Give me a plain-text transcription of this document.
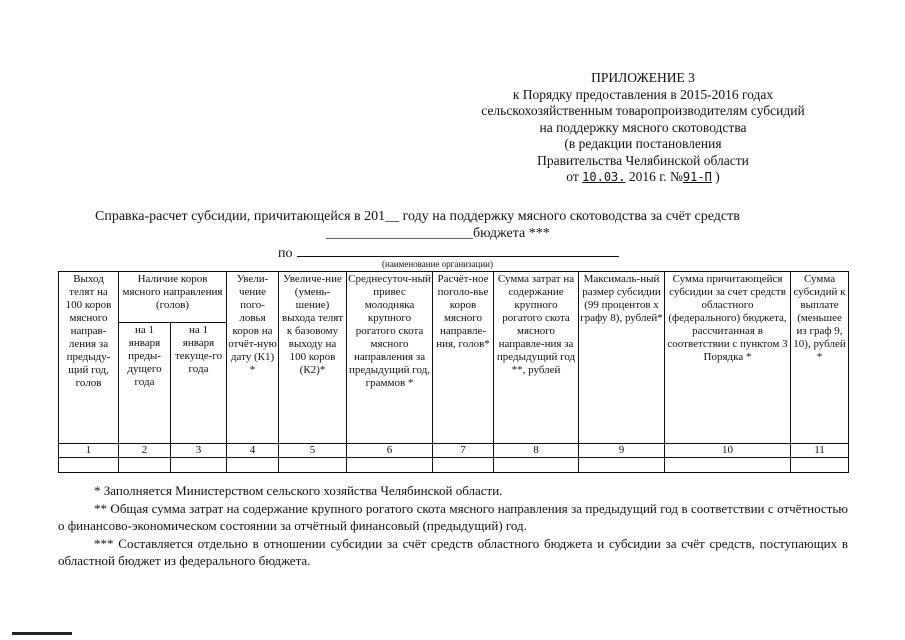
ПРИЛОЖЕНИЕ 3
к Порядку предоставления в 2015-2016 годах
сельскохозяйственным товаропроизводителям субсидий
на поддержку мясного скотоводства
(в редакции постановления
Правительства Челябинской области
от 10.03. 2016 г. №91-П )
Справка-расчет субсидии, причитающейся в 201__ году на поддержку мясного скотоводства за счёт средств
_____________________бюджета ***
по
(наименование организации)
Выход телят на 100 коров мясного направ-ления за предыду-щий год, голов	Наличие коров мясного направления (голов)		Увели-чение пого-ловья коров на отчёт-ную дату (К1) *	Увеличе-ние (умень-шение) выхода телят к базовому выходу на 100 коров (К2)*	Среднесуточ-ный привес молодняка крупного рогатого скота мясного направления за предыдущий год, граммов *	Расчёт-ное поголо-вье коров мясного направле-ния, голов*	Сумма затрат на содержание крупного рогатого скота мясного направле-ния за предыдущий год **, рублей	Максималь-ный размер субсидии (99 процентов х графу 8), рублей*	Сумма причитающейся субсидии за счет средств областного (федерального) бюджета, рассчитанная в соответствии с пунктом 3 Порядка *	Сумма субсидий к выплате (меньшее из граф 9, 10), рублей *
	на 1 января преды-дущего года	на 1 января текуще-го года								
1	2	3	4	5	6	7	8	9	10	11

* Заполняется Министерством сельского хозяйства Челябинской области.

** Общая сумма затрат на содержание крупного рогатого скота мясного направления за предыдущий год в соответствии с отчётностью о финансово-экономическом состоянии за отчётный финансовый (предыдущий) год.

*** Составляется отдельно в отношении субсидии за счёт средств областного бюджета и субсидии за счёт средств, поступающих в областной бюджет из федерального бюджета.
